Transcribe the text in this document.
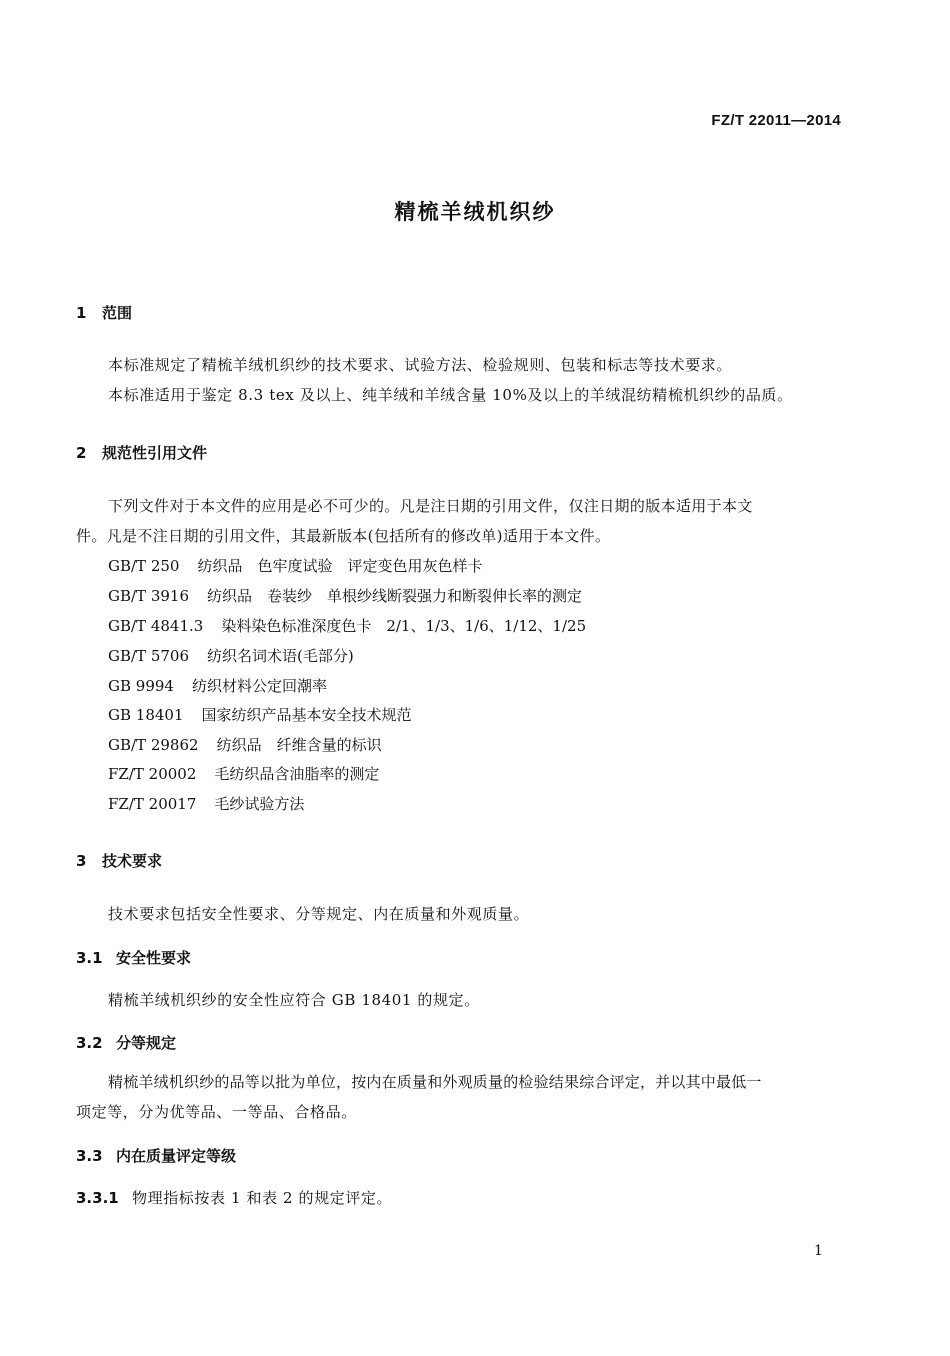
FZ/T 22011—2014
精梳羊绒机织纱
1 范围
本标准规定了精梳羊绒机织纱的技术要求、试验方法、检验规则、包装和标志等技术要求。
本标准适用于鉴定 8.3 tex 及以上、纯羊绒和羊绒含量 10%及以上的羊绒混纺精梳机织纱的品质。
2 规范性引用文件
下列文件对于本文件的应用是必不可少的。凡是注日期的引用文件，仅注日期的版本适用于本文
件。凡是不注日期的引用文件，其最新版本(包括所有的修改单)适用于本文件。
GB/T 250 纺织品　色牢度试验　评定变色用灰色样卡
GB/T 3916 纺织品　卷装纱　单根纱线断裂强力和断裂伸长率的测定
GB/T 4841.3 染料染色标准深度色卡　2/1、1/3、1/6、1/12、1/25
GB/T 5706 纺织名词术语(毛部分)
GB 9994 纺织材料公定回潮率
GB 18401 国家纺织产品基本安全技术规范
GB/T 29862 纺织品　纤维含量的标识
FZ/T 20002 毛纺织品含油脂率的测定
FZ/T 20017 毛纱试验方法
3 技术要求
技术要求包括安全性要求、分等规定、内在质量和外观质量。
3.1 安全性要求
精梳羊绒机织纱的安全性应符合 GB 18401 的规定。
3.2 分等规定
精梳羊绒机织纱的品等以批为单位，按内在质量和外观质量的检验结果综合评定，并以其中最低一
项定等，分为优等品、一等品、合格品。
3.3 内在质量评定等级
3.3.1 物理指标按表 1 和表 2 的规定评定。
1
